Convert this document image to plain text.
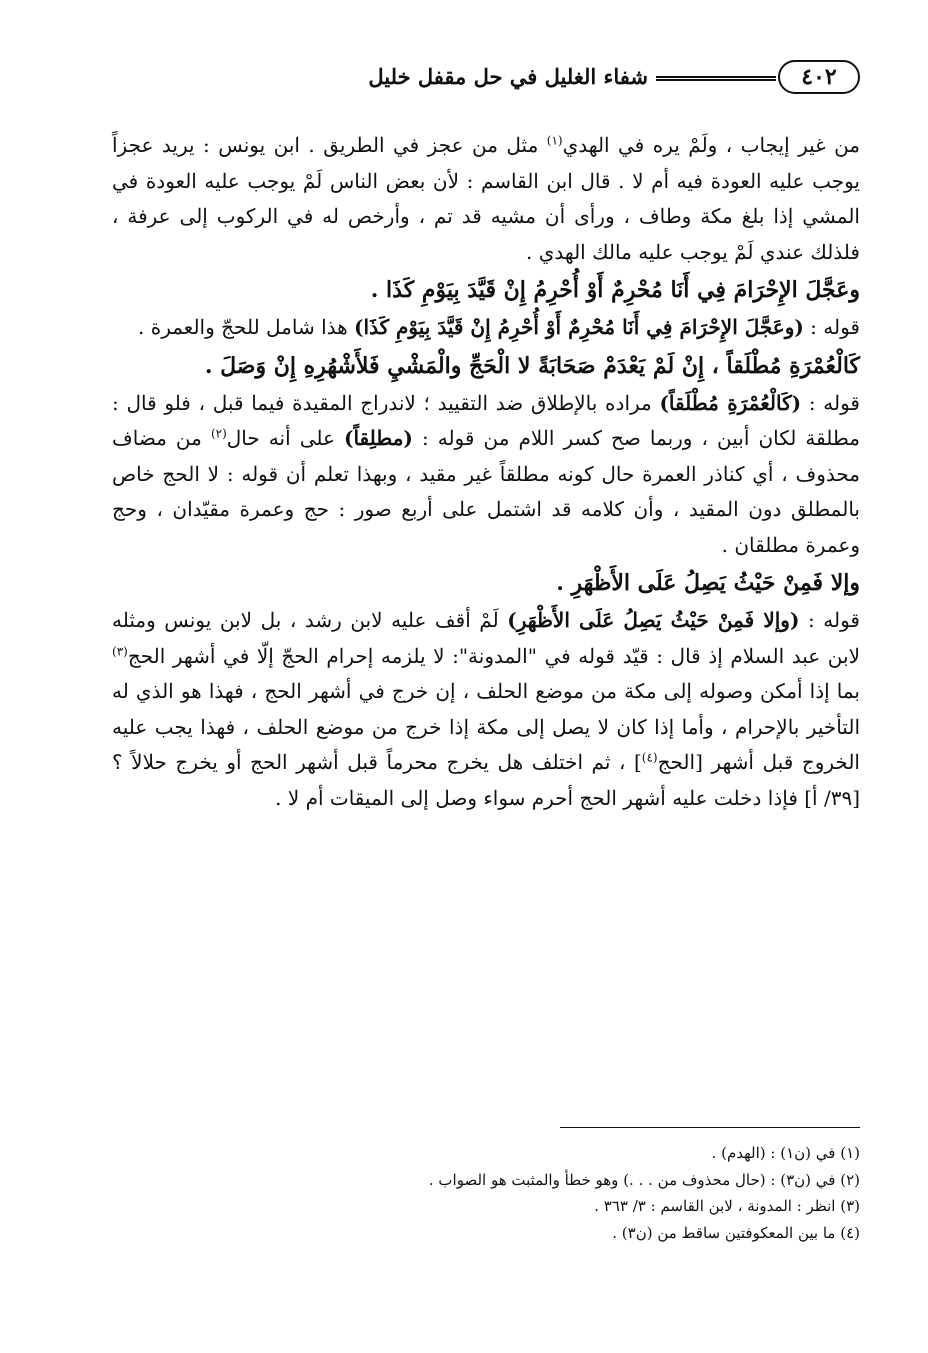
٤٠٢
شفاء الغليل في حل مقفل خليل

من غير إيجاب ، ولَمْ يره في الهدي$^{(١)}$ مثل من عجز في الطريق . ابن يونس : يريد عجزاً يوجب عليه العودة فيه أم لا . قال ابن القاسم : لأن بعض الناس لَمْ يوجب عليه العودة في المشي إذا بلغ مكة وطاف ، ورأى أن مشيه قد تم ، وأرخص له في الركوب إلى عرفة ، فلذلك عندي لَمْ يوجب عليه مالك الهدي .

وعَجَّلَ الإِحْرَامَ فِي أَنَا مُحْرِمٌ أَوْ أُحْرِمُ إِنْ قَيَّدَ بِيَوْمِ كَذَا .

قوله : (وعَجَّلَ الإِحْرَامَ فِي أَنَا مُحْرِمٌ أَوْ أُحْرِمُ إِنْ قَيَّدَ بِيَوْمِ كَذَا) هذا شامل للحجّ والعمرة .

كَالْعُمْرَةِ مُطْلَقاً ، إِنْ لَمْ يَعْدَمْ صَحَابَةً لا الْحَجِّ والْمَشْيِ فَلأَشْهُرِهِ إِنْ وَصَلَ .

قوله : (كَالْعُمْرَةِ مُطْلَقاً) مراده بالإطلاق ضد التقييد ؛ لاندراج المقيدة فيما قبل ، فلو قال : مطلقة لكان أبين ، وربما صح كسر اللام من قوله : (مطلِقاً) على أنه حال$^{(٢)}$ من مضاف محذوف ، أي كناذر العمرة حال كونه مطلقاً غير مقيد ، وبهذا تعلم أن قوله : لا الحج خاص بالمطلق دون المقيد ، وأن كلامه قد اشتمل على أربع صور : حج وعمرة مقيّدان ، وحج وعمرة مطلقان .

وإلا فَمِنْ حَيْثُ يَصِلُ عَلَى الأَظْهَرِ .

قوله : (وإلا فَمِنْ حَيْثُ يَصِلُ عَلَى الأَظْهَرِ) لَمْ أقف عليه لابن رشد ، بل لابن يونس ومثله لابن عبد السلام إذ قال : قيّد قوله في "المدونة": لا يلزمه إحرام الحجّ إلّا في أشهر الحج$^{(٣)}$ بما إذا أمكن وصوله إلى مكة من موضع الحلف ، إن خرج في أشهر الحج ، فهذا هو الذي له التأخير بالإحرام ، وأما إذا كان لا يصل إلى مكة إذا خرج من موضع الحلف ، فهذا يجب عليه الخروج قبل أشهر [الحج$^{(٤)}$] ، ثم اختلف هل يخرج محرماً قبل أشهر الحج أو يخرج حلالاً ؟ [٣٩/ أ] فإذا دخلت عليه أشهر الحج أحرم سواء وصل إلى الميقات أم لا .

(١) في (ن١) : (الهدم) .

(٢) في (ن٣) : (حال محذوف من . . .) وهو خطأ والمثبت هو الصواب .

(٣) انظر : المدونة ، لابن القاسم : ٣/ ٣٦٣ .

(٤) ما بين المعكوفتين ساقط من (ن٣) .
